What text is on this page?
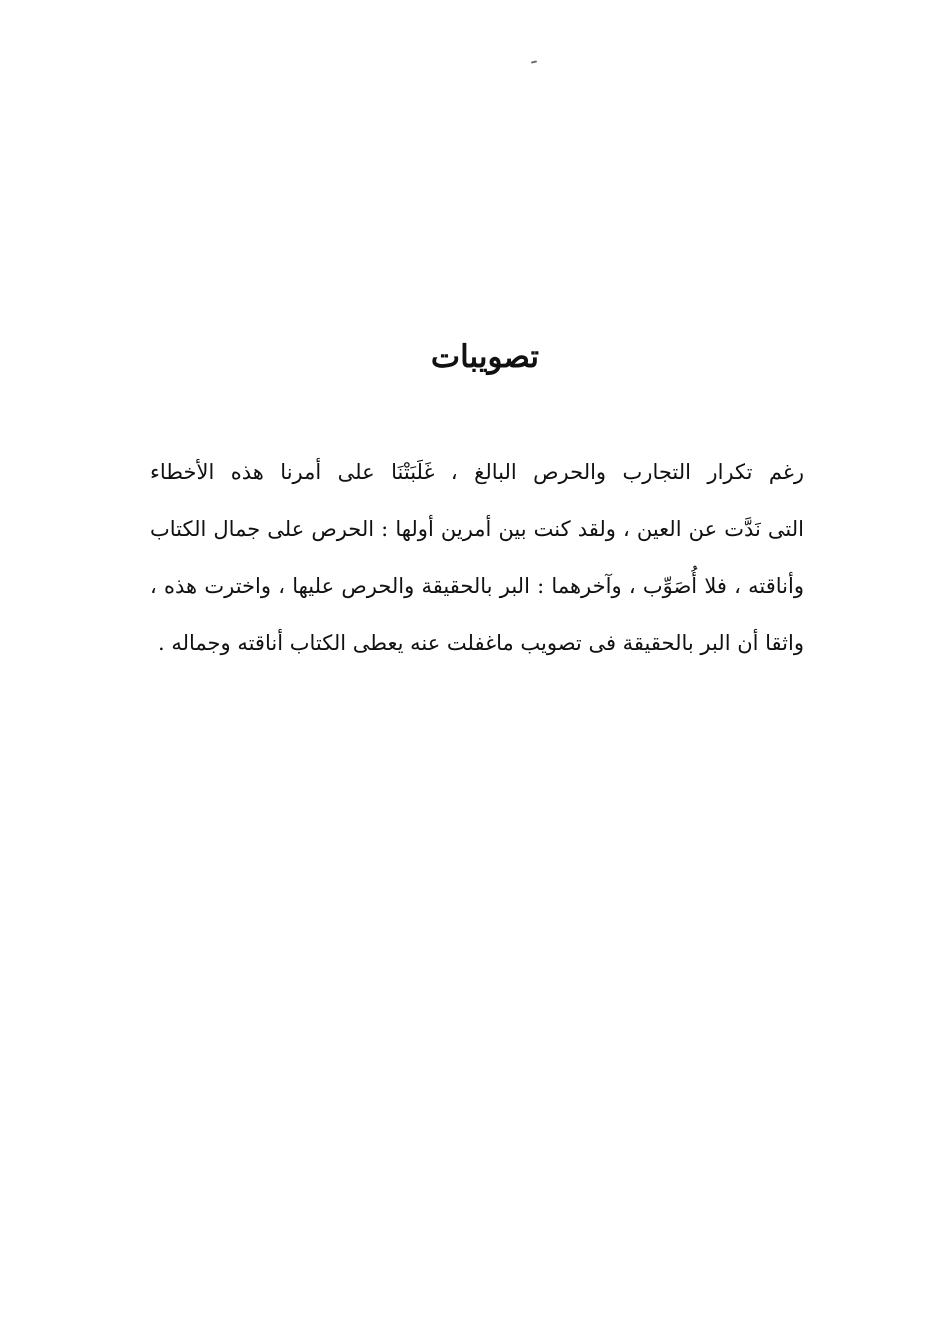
تصويبات
رغم تكرار التجارب والحرص البالغ ، غَلَبَتْنَا على أمرنا هذه الأخطاء
التى نَدَّت عن العين ، ولقد كنت بين أمرين أولها : الحرص على جمال الكتاب
وأناقته ، فلا أُصَوِّب ، وآخرهما : البر بالحقيقة والحرص عليها ، واخترت هذه ،
واثقا أن البر بالحقيقة فى تصويب ماغفلت عنه يعطى الكتاب أناقته وجماله .
